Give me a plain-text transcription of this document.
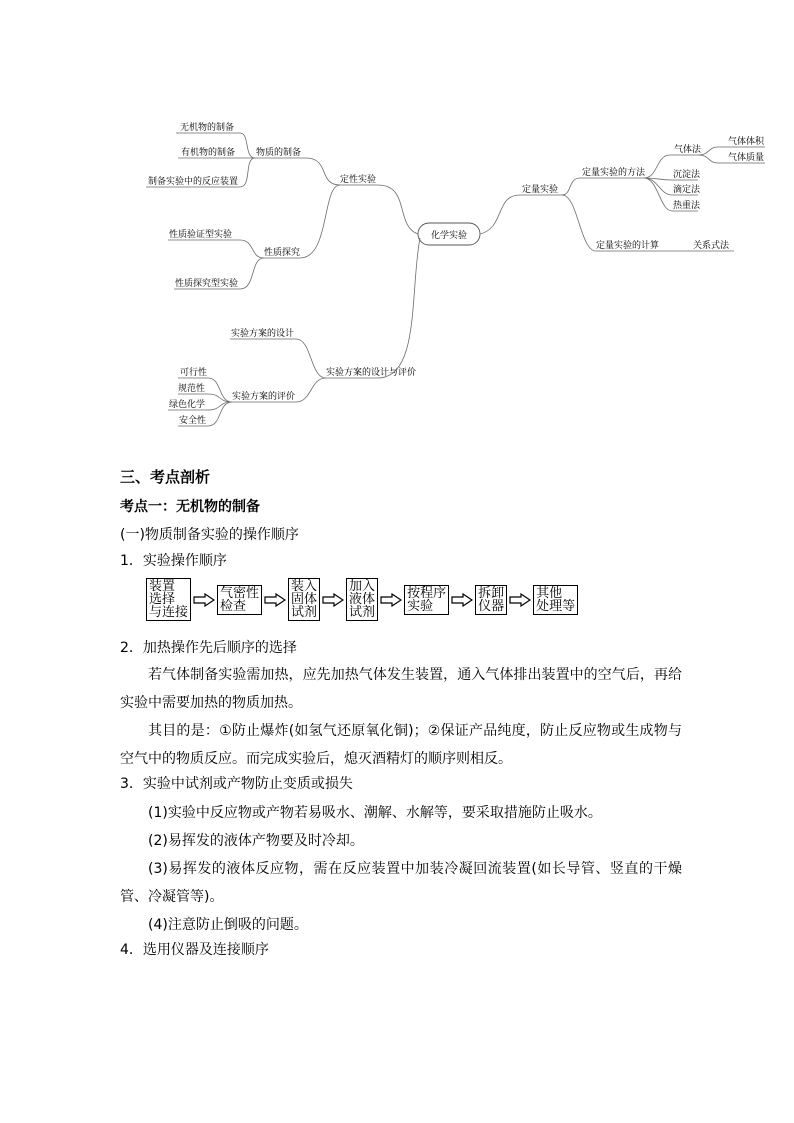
化学实验
定性实验
物质的制备
无机物的制备
有机物的制备
制备实验中的反应装置
性质探究
性质验证型实验
性质探究型实验
实验方案的设计与评价
实验方案的设计
实验方案的评价
可行性
规范性
绿色化学
安全性
定量实验
定量实验的方法
气体法
气体体积
气体质量
沉淀法
滴定法
热重法
定量实验的计算	关系式法
三、考点剖析
考点一：无机物的制备
(一)物质制备实验的操作顺序
1．实验操作顺序
装置
选择
与连接
气密性
检查
装入
固体
试剂
加入
液体
试剂
按程序
实验
拆卸
仪器
其他
处理等
2．加热操作先后顺序的选择
若气体制备实验需加热，应先加热气体发生装置，通入气体排出装置中的空气后，再给实验中需要加热的物质加热。
其目的是：①防止爆炸(如氢气还原氧化铜)；②保证产品纯度，防止反应物或生成物与空气中的物质反应。而完成实验后，熄灭酒精灯的顺序则相反。
3．实验中试剂或产物防止变质或损失
(1)实验中反应物或产物若易吸水、潮解、水解等，要采取措施防止吸水。
(2)易挥发的液体产物要及时冷却。
(3)易挥发的液体反应物，需在反应装置中加装冷凝回流装置(如长导管、竖直的干燥管、冷凝管等)。
(4)注意防止倒吸的问题。
4．选用仪器及连接顺序
